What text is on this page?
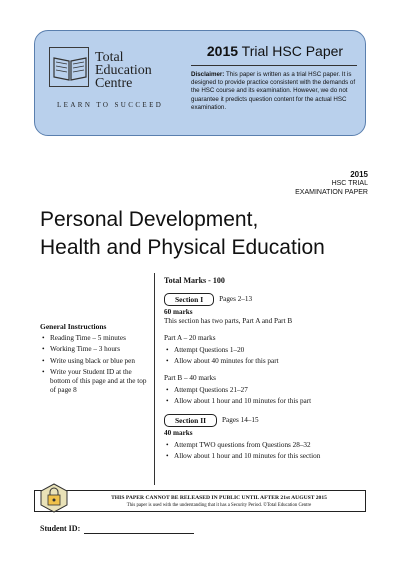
Total
Education
Centre
LEARN TO SUCCEED
2015 Trial HSC Paper
Disclaimer: This paper is written as a trial HSC paper. It is designed to provide practice consistent with the demands of the HSC course and its examination. However, we do not guarantee it predicts question content for the actual HSC examination.
2015
HSC TRIAL
EXAMINATION PAPER
Personal Development,
Health and Physical Education
General Instructions
• Reading Time – 5 minutes
• Working Time – 3 hours
• Write using black or blue pen
• Write your Student ID at the bottom of this page and at the top of page 8
Total Marks - 100
Section I	Pages 2–13
60 marks
This section has two parts, Part A and Part B
Part A – 20 marks
• Attempt Questions 1–20
• Allow about 40 minutes for this part
Part B – 40 marks
• Attempt Questions 21–27
• Allow about 1 hour and 10 minutes for this part
Section II	Pages 14–15
40 marks
• Attempt TWO questions from Questions 28–32
• Allow about 1 hour and 10 minutes for this section
THIS PAPER CANNOT BE RELEASED IN PUBLIC UNTIL AFTER 21st AUGUST 2015
This paper is used with the understanding that it has a Security Period. ©Total Education Centre
Student ID:
